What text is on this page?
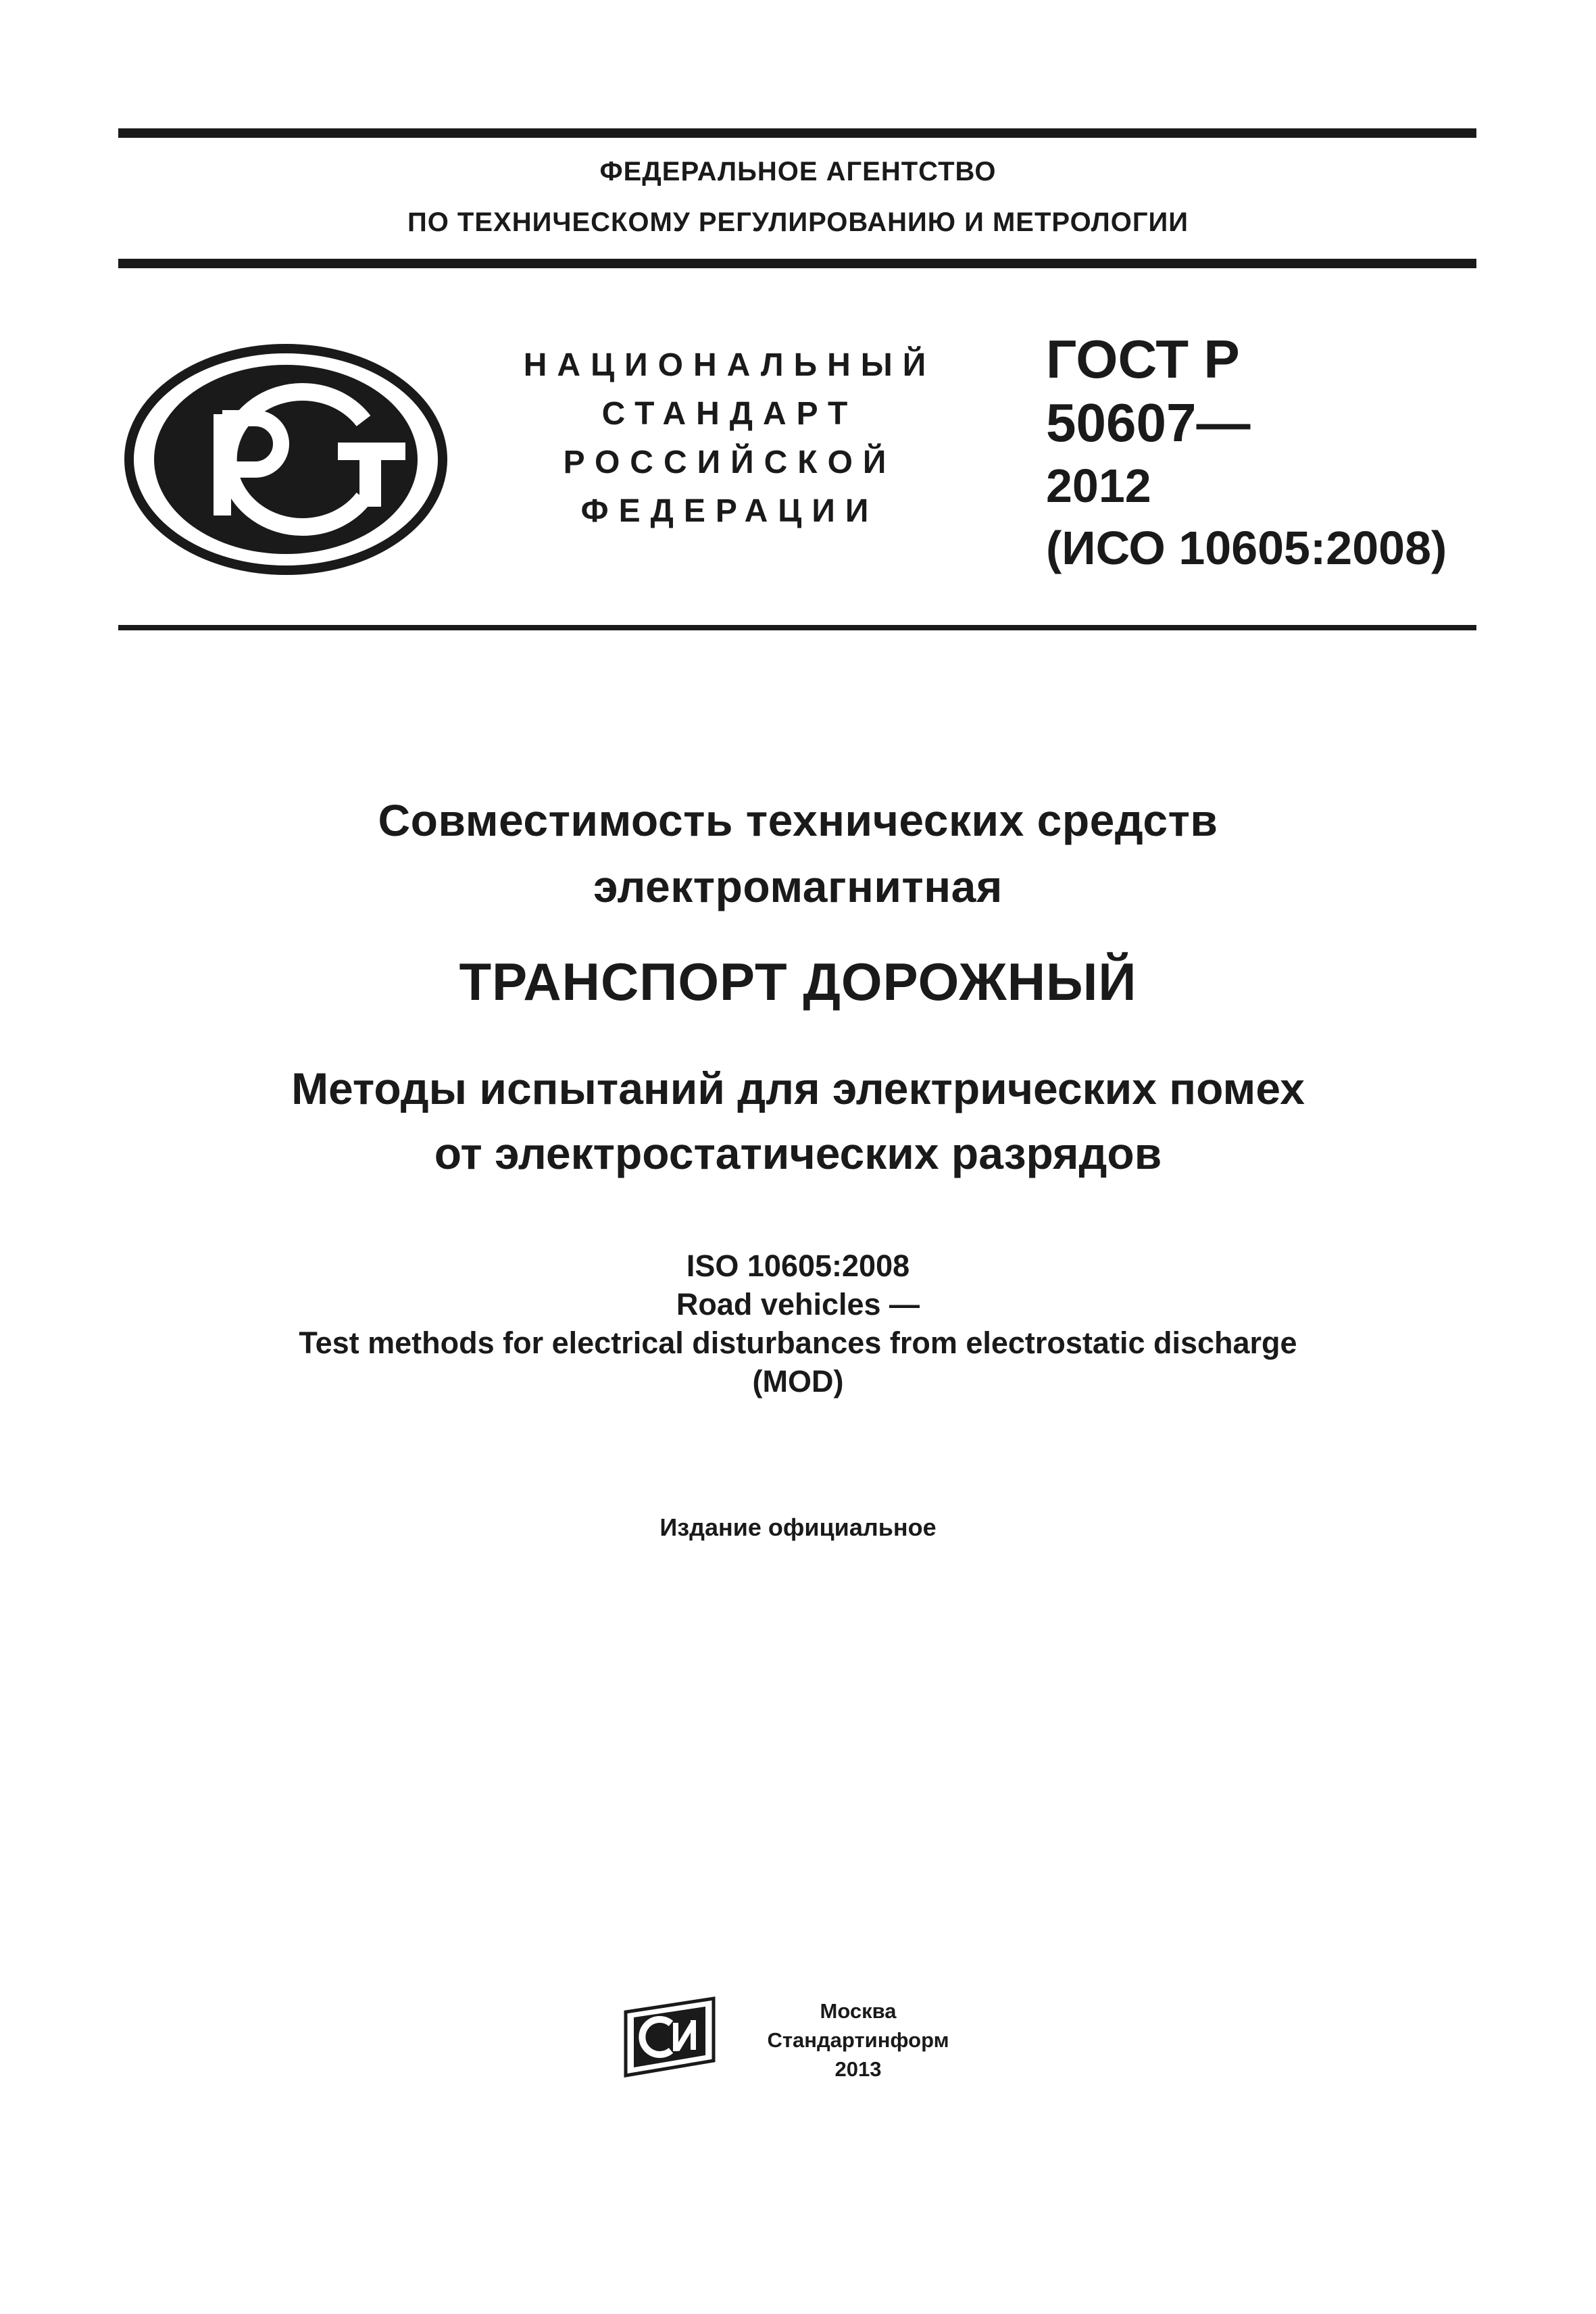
ФЕДЕРАЛЬНОЕ АГЕНТСТВО
ПО ТЕХНИЧЕСКОМУ РЕГУЛИРОВАНИЮ И МЕТРОЛОГИИ
НАЦИОНАЛЬНЫЙ
СТАНДАРТ
РОССИЙСКОЙ
ФЕДЕРАЦИИ
ГОСТ Р
50607—
2012
(ИСО 10605:2008)
Совместимость технических средств
электромагнитная
ТРАНСПОРТ ДОРОЖНЫЙ
Методы испытаний для электрических помех
от электростатических разрядов
ISO 10605:2008
Road vehicles —
Test methods for electrical disturbances from electrostatic discharge
(MOD)
Издание официальное
Москва
Стандартинформ
2013
